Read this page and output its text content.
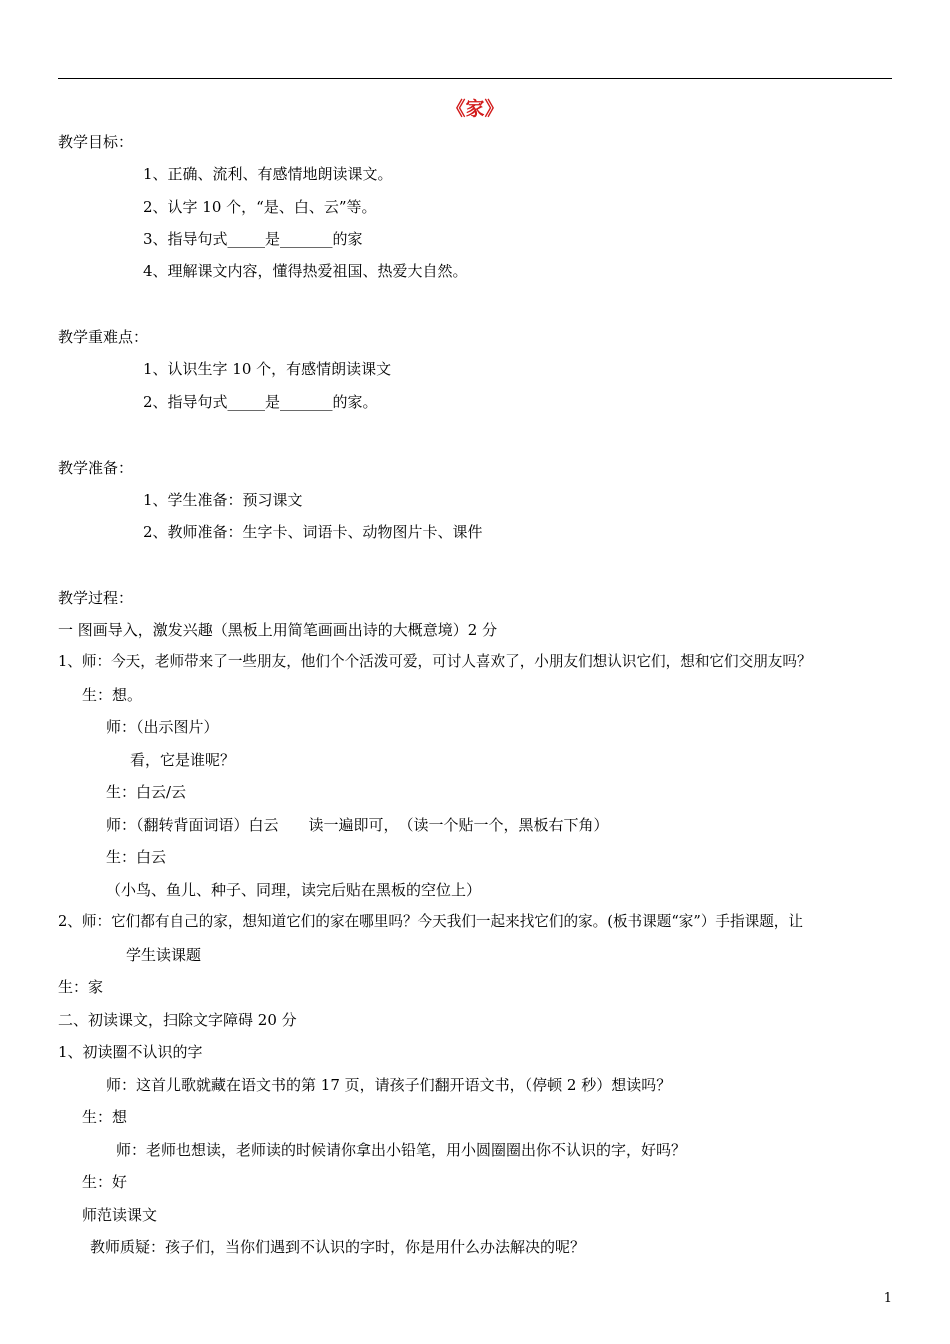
《家》
教学目标：
1、正确、流利、有感情地朗读课文。
2、认字 10 个，“是、白、云”等。
3、指导句式_____是_______的家
4、理解课文内容，懂得热爱祖国、热爱大自然。
教学重难点：
1、认识生字 10 个，有感情朗读课文
2、指导句式_____是_______的家。
教学准备：
1、学生准备：预习课文
2、教师准备：生字卡、词语卡、动物图片卡、课件
教学过程：
一 图画导入，激发兴趣（黑板上用简笔画画出诗的大概意境）2 分
1、师：今天，老师带来了一些朋友，他们个个活泼可爱，可讨人喜欢了，小朋友们想认识它们，想和它们交朋友吗？
生：想。
师：（出示图片）
看，它是谁呢？
生：白云/云
师：（翻转背面词语）白云　　读一遍即可，　（读一个贴一个，黑板右下角）
生：白云
（小鸟、鱼儿、种子、同理，读完后贴在黑板的空位上）
2、师：它们都有自己的家，想知道它们的家在哪里吗？今天我们一起来找它们的家。(板书课题“家”）手指课题，让
学生读课题
生：家
二、初读课文，扫除文字障碍 20 分
1、初读圈不认识的字
师：这首儿歌就藏在语文书的第 17 页，请孩子们翻开语文书，（停顿 2 秒）想读吗？
生：想
师：老师也想读，老师读的时候请你拿出小铅笔，用小圆圈圈出你不认识的字，好吗？
生：好
师范读课文
教师质疑：孩子们，当你们遇到不认识的字时，你是用什么办法解决的呢？
1
